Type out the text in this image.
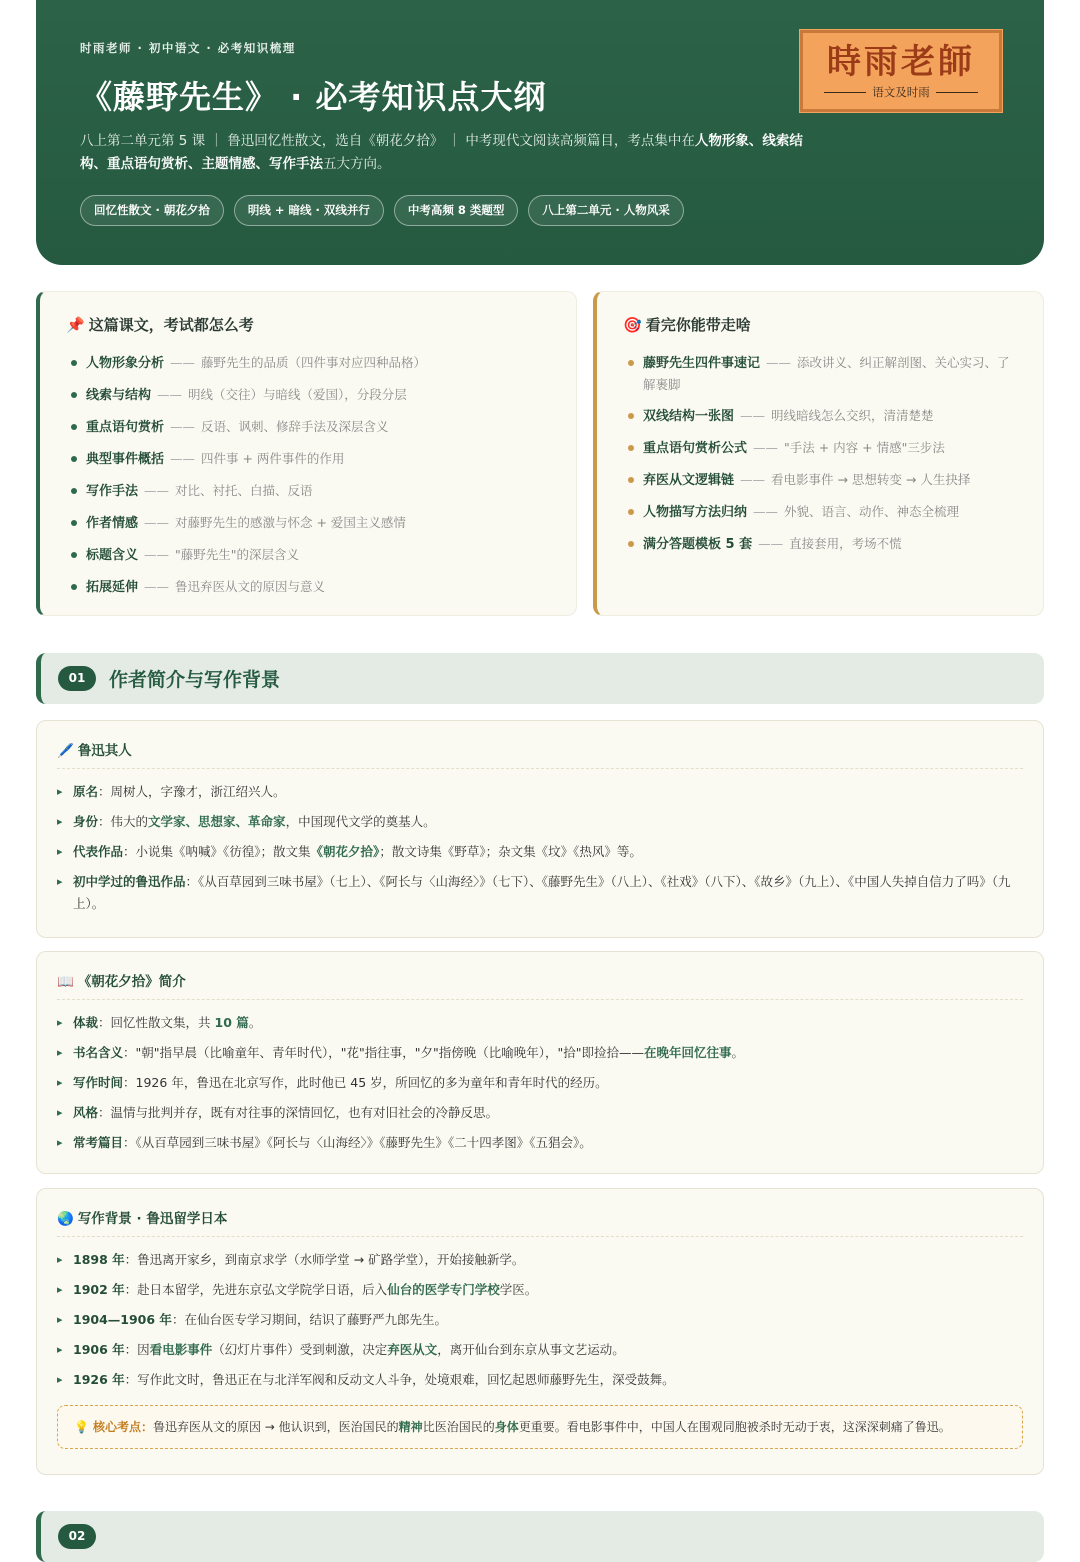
时雨老师 · 初中语文 · 必考知识梳理
《藤野先生》 · 必考知识点大纲
八上第二单元第 5 课 ｜ 鲁迅回忆性散文，选自《朝花夕拾》 ｜ 中考现代文阅读高频篇目，考点集中在人物形象、线索结构、重点语句赏析、主题情感、写作手法五大方向。
回忆性散文 · 朝花夕拾	明线 + 暗线 · 双线并行	中考高频 8 类题型	八上第二单元 · 人物风采
時雨老師
语文及时雨
📌 这篇课文，考试都怎么考
人物形象分析 —— 藤野先生的品质（四件事对应四种品格）
线索与结构 —— 明线（交往）与暗线（爱国），分段分层
重点语句赏析 —— 反语、讽刺、修辞手法及深层含义
典型事件概括 —— 四件事 + 两件事件的作用
写作手法 —— 对比、衬托、白描、反语
作者情感 —— 对藤野先生的感激与怀念 + 爱国主义感情
标题含义 —— "藤野先生"的深层含义
拓展延伸 —— 鲁迅弃医从文的原因与意义
🎯 看完你能带走啥
藤野先生四件事速记 —— 添改讲义、纠正解剖图、关心实习、了解裹脚
双线结构一张图 —— 明线暗线怎么交织，清清楚楚
重点语句赏析公式 —— "手法 + 内容 + 情感"三步法
弃医从文逻辑链 —— 看电影事件 → 思想转变 → 人生抉择
人物描写方法归纳 —— 外貌、语言、动作、神态全梳理
满分答题模板 5 套 —— 直接套用，考场不慌
01	作者简介与写作背景
🖊️ 鲁迅其人
▸ 原名：周树人，字豫才，浙江绍兴人。
▸ 身份：伟大的文学家、思想家、革命家，中国现代文学的奠基人。
▸ 代表作品：小说集《呐喊》《彷徨》；散文集《朝花夕拾》；散文诗集《野草》；杂文集《坟》《热风》等。
▸ 初中学过的鲁迅作品：《从百草园到三味书屋》（七上）、《阿长与〈山海经〉》（七下）、《藤野先生》（八上）、《社戏》（八下）、《故乡》（九上）、《中国人失掉自信力了吗》（九上）。
📖 《朝花夕拾》简介
▸ 体裁：回忆性散文集，共 10 篇。
▸ 书名含义："朝"指早晨（比喻童年、青年时代），"花"指往事，"夕"指傍晚（比喻晚年），"拾"即捡拾——在晚年回忆往事。
▸ 写作时间：1926 年，鲁迅在北京写作，此时他已 45 岁，所回忆的多为童年和青年时代的经历。
▸ 风格：温情与批判并存，既有对往事的深情回忆，也有对旧社会的冷静反思。
▸ 常考篇目：《从百草园到三味书屋》《阿长与〈山海经〉》《藤野先生》《二十四孝图》《五猖会》。
🌏 写作背景 · 鲁迅留学日本
▸ 1898 年：鲁迅离开家乡，到南京求学（水师学堂 → 矿路学堂），开始接触新学。
▸ 1902 年：赴日本留学，先进东京弘文学院学日语，后入仙台的医学专门学校学医。
▸ 1904—1906 年：在仙台医专学习期间，结识了藤野严九郎先生。
▸ 1906 年：因看电影事件（幻灯片事件）受到刺激，决定弃医从文，离开仙台到东京从事文艺运动。
▸ 1926 年：写作此文时，鲁迅正在与北洋军阀和反动文人斗争，处境艰难，回忆起恩师藤野先生，深受鼓舞。
💡 核心考点：鲁迅弃医从文的原因 → 他认识到，医治国民的精神比医治国民的身体更重要。看电影事件中，中国人在围观同胞被杀时无动于衷，这深深刺痛了鲁迅。
02
